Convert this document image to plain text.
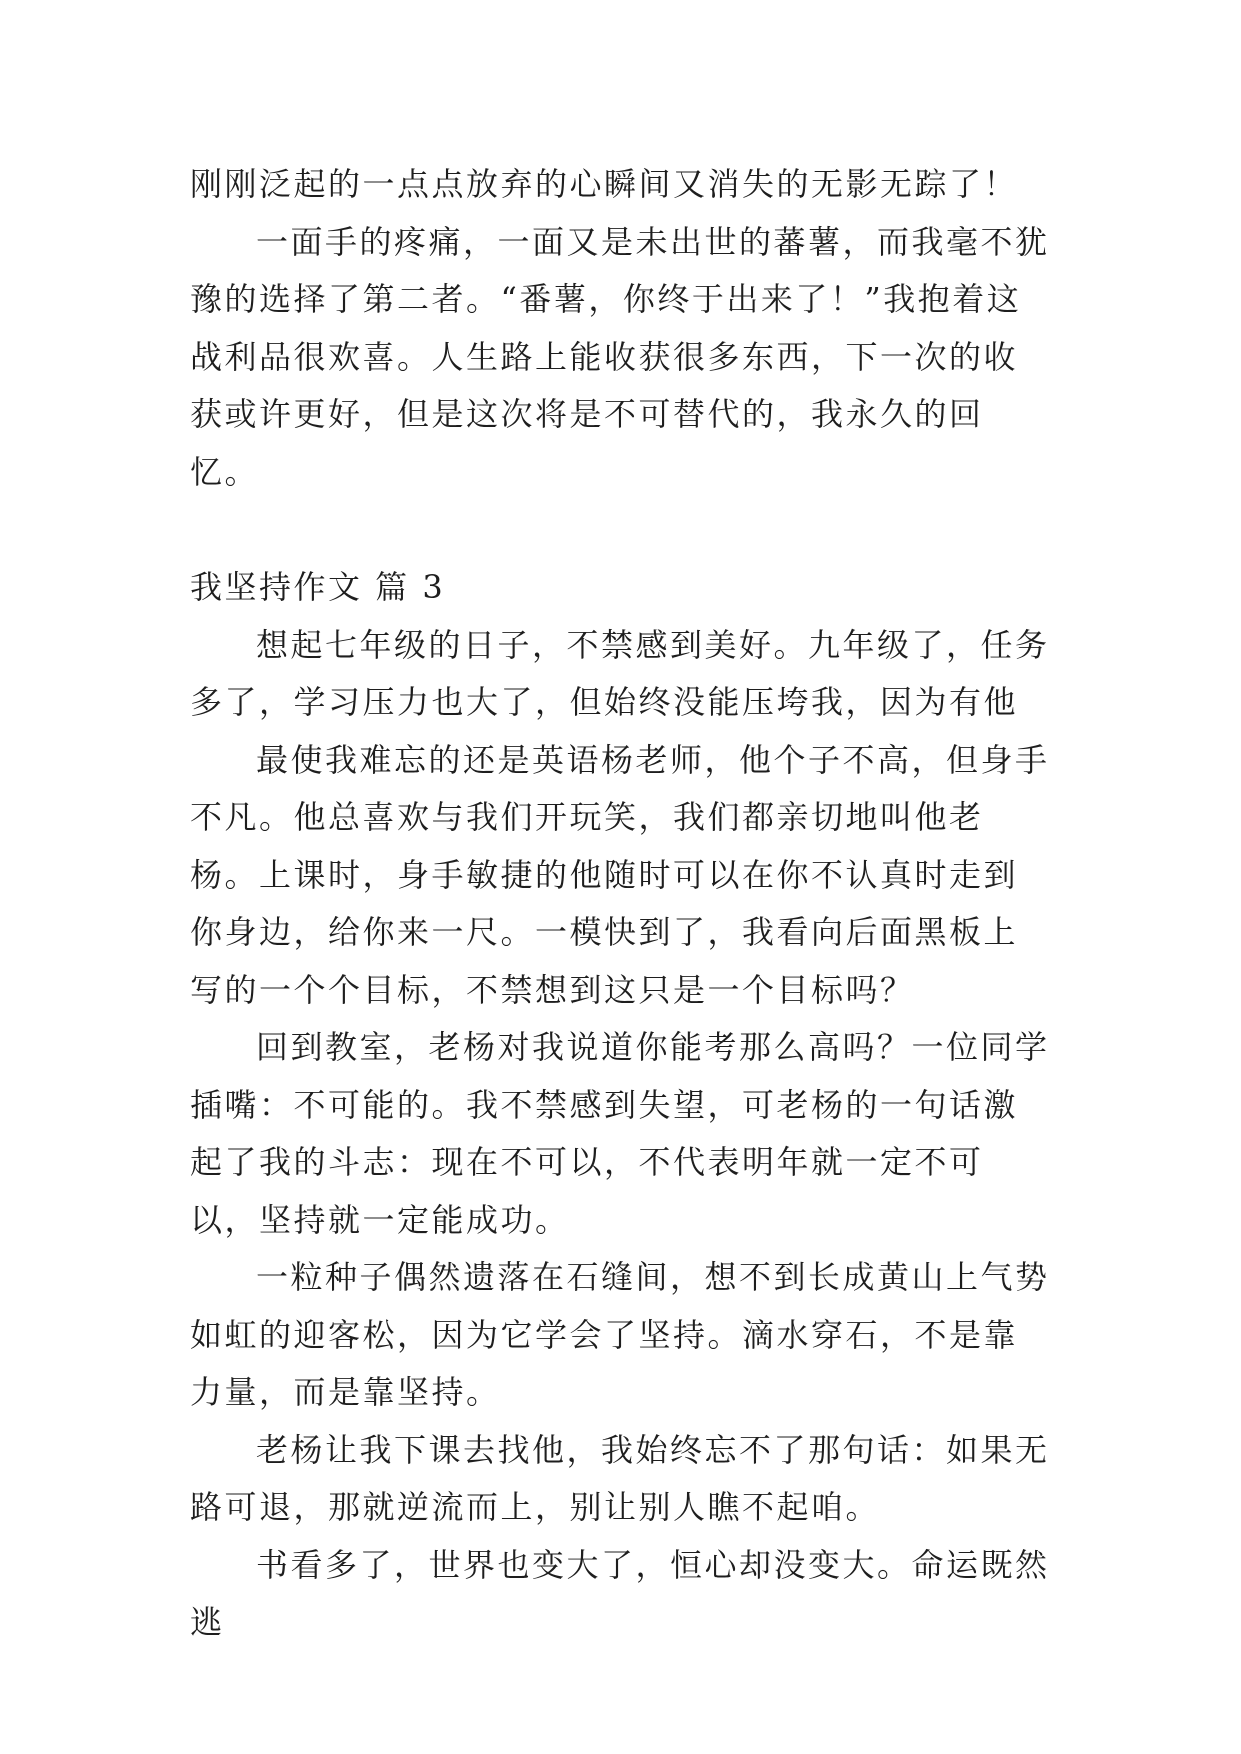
刚刚泛起的一点点放弃的心瞬间又消失的无影无踪了！

一面手的疼痛，一面又是未出世的蕃薯，而我毫不犹豫的选择了第二者。“番薯，你终于出来了！”我抱着这战利品很欢喜。人生路上能收获很多东西，下一次的收获或许更好，但是这次将是不可替代的，我永久的回忆。

我坚持作文 篇 3

想起七年级的日子，不禁感到美好。九年级了，任务多了，学习压力也大了，但始终没能压垮我，因为有他

最使我难忘的还是英语杨老师，他个子不高，但身手不凡。他总喜欢与我们开玩笑，我们都亲切地叫他老杨。上课时，身手敏捷的他随时可以在你不认真时走到你身边，给你来一尺。一模快到了，我看向后面黑板上写的一个个目标，不禁想到这只是一个目标吗？

回到教室，老杨对我说道你能考那么高吗？一位同学插嘴：不可能的。我不禁感到失望，可老杨的一句话激起了我的斗志：现在不可以，不代表明年就一定不可以，坚持就一定能成功。

一粒种子偶然遗落在石缝间，想不到长成黄山上气势如虹的迎客松，因为它学会了坚持。滴水穿石，不是靠力量，而是靠坚持。

老杨让我下课去找他，我始终忘不了那句话：如果无路可退，那就逆流而上，别让别人瞧不起咱。

书看多了，世界也变大了，恒心却没变大。命运既然逃
